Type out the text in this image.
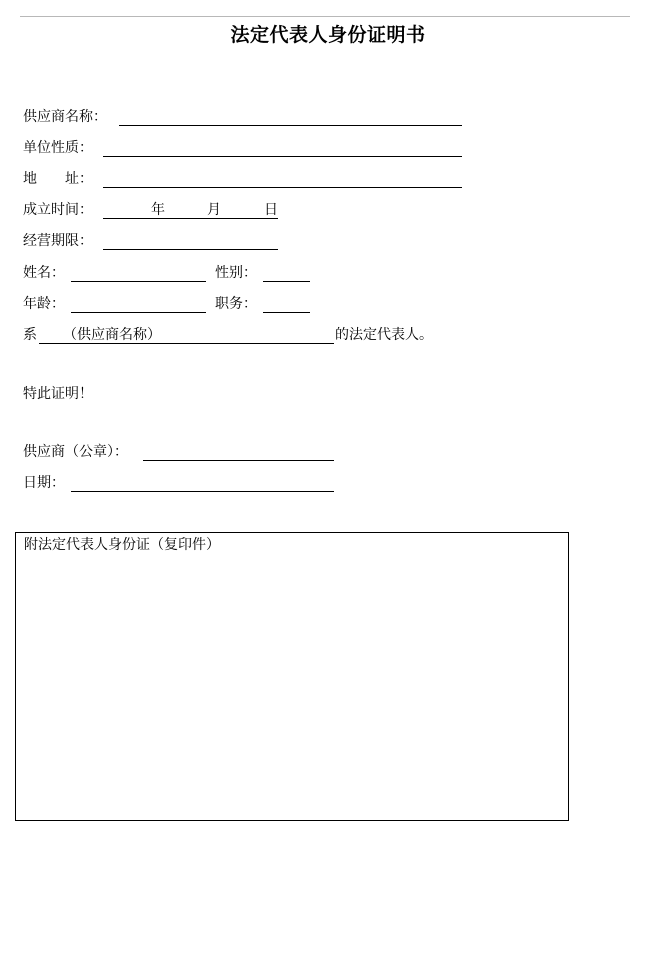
法定代表人身份证明书
供应商名称：
单位性质：
地　　址：
成立时间：	年	月	日
经营期限：
姓名：	性别：
年龄：	职务：
系 （供应商名称）	的法定代表人。
特此证明！
供应商（公章）：
日期：
附法定代表人身份证（复印件）
